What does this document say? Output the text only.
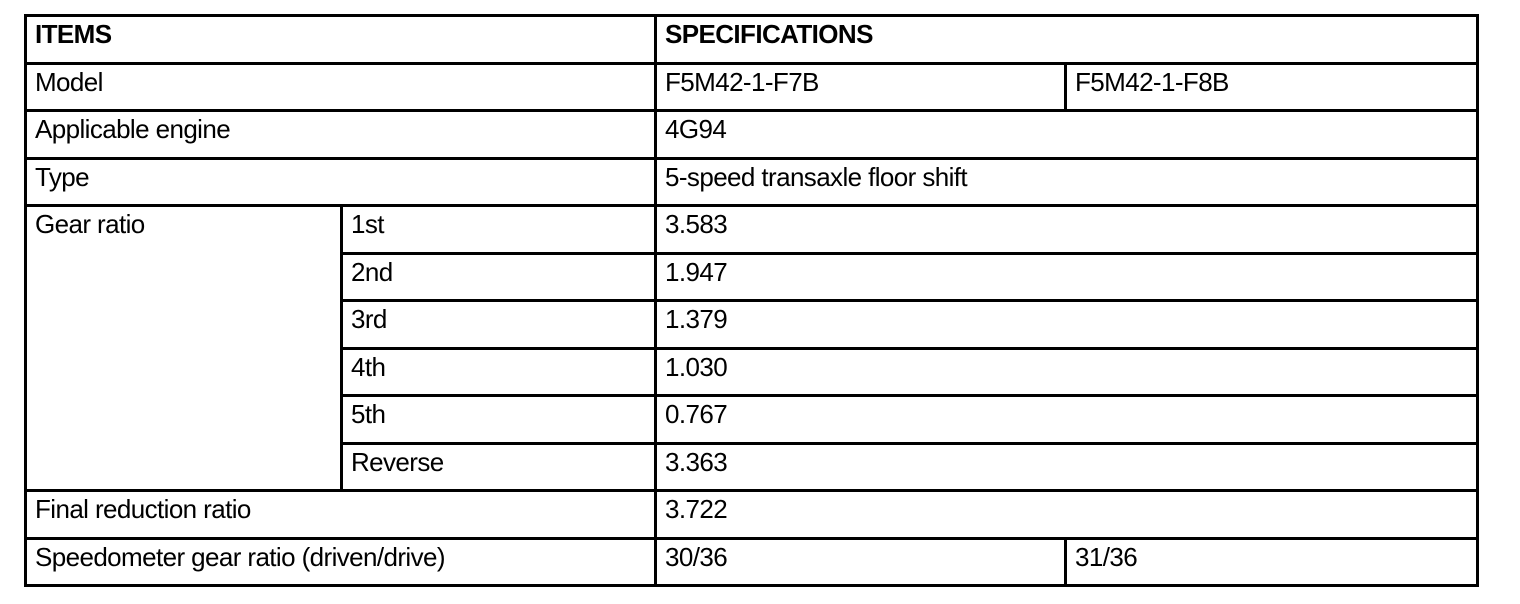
ITEMS		SPECIFICATIONS	
Model		F5M42-1-F7B	F5M42-1-F8B
Applicable engine		4G94	
Type		5-speed transaxle floor shift	
Gear ratio	1st	3.583	
	2nd	1.947	
	3rd	1.379	
	4th	1.030	
	5th	0.767	
	Reverse	3.363	
Final reduction ratio		3.722	
Speedometer gear ratio (driven/drive)		30/36	31/36
